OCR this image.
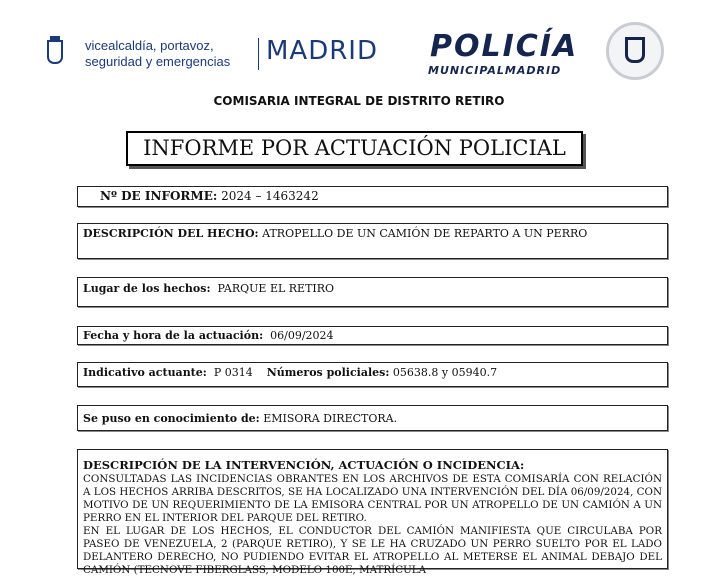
vicealcaldía, portavoz,
seguridad y emergencias	MADRID POLICÍA
MUNICIPALMADRID
COMISARIA INTEGRAL DE DISTRITO RETIRO
INFORME POR ACTUACIÓN POLICIAL
Nº DE INFORME: 2024 – 1463242
DESCRIPCIÓN DEL HECHO: ATROPELLO DE UN CAMIÓN DE REPARTO A UN PERRO
Lugar de los hechos: PARQUE EL RETIRO
Fecha y hora de la actuación: 06/09/2024
Indicativo actuante: P 0314 Números policiales: 05638.8 y 05940.7
Se puso en conocimiento de: EMISORA DIRECTORA.
DESCRIPCIÓN DE LA INTERVENCIÓN, ACTUACIÓN O INCIDENCIA:
CONSULTADAS LAS INCIDENCIAS OBRANTES EN LOS ARCHIVOS DE ESTA COMISARÍA CON RELACIÓN A LOS HECHOS ARRIBA DESCRITOS, SE HA LOCALIZADO UNA INTERVENCIÓN DEL DÍA 06/09/2024, CON MOTIVO DE UN REQUERIMIENTO DE LA EMISORA CENTRAL POR UN ATROPELLO DE UN CAMIÓN A UN PERRO EN EL INTERIOR DEL PARQUE DEL RETIRO.
EN EL LUGAR DE LOS HECHOS, EL CONDUCTOR DEL CAMIÓN MANIFIESTA QUE CIRCULABA POR PASEO DE VENEZUELA, 2 (PARQUE RETIRO), Y SE LE HA CRUZADO UN PERRO SUELTO POR EL LADO DELANTERO DERECHO, NO PUDIENDO EVITAR EL ATROPELLO AL METERSE EL ANIMAL DEBAJO DEL CAMIÓN (TECNOVE FIBERGLASS, MODELO 100E, MATRÍCULA
